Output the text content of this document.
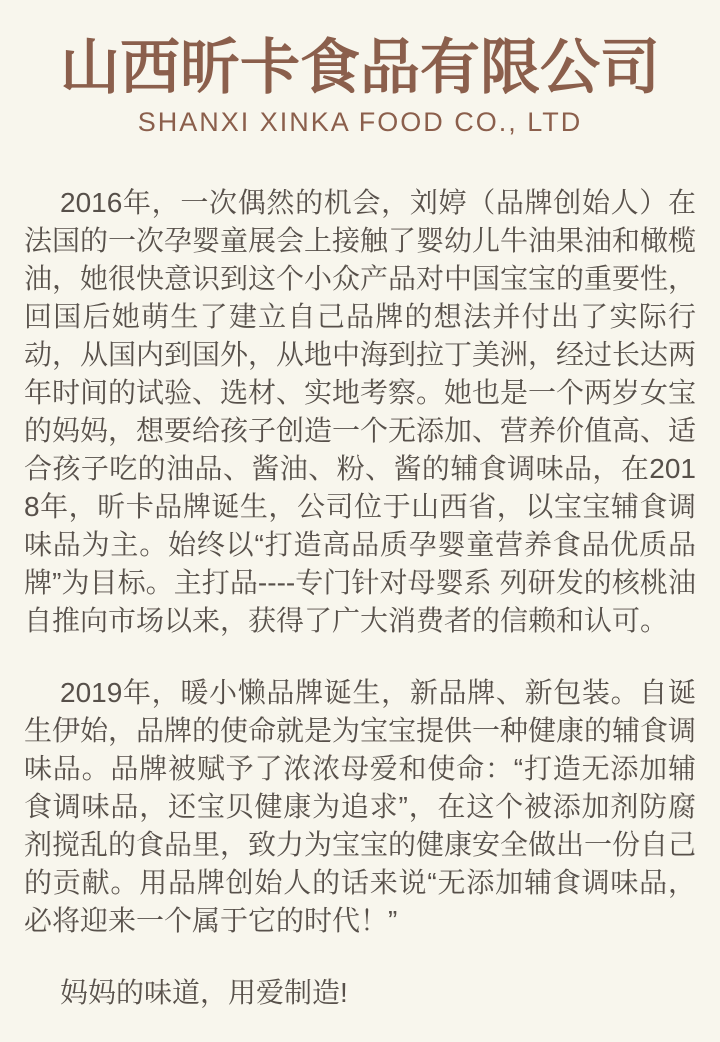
山西昕卡食品有限公司
SHANXI XINKA FOOD CO., LTD

2016年，一次偶然的机会，刘婷（品牌创始人）在法国的一次孕婴童展会上接触了婴幼儿牛油果油和橄榄油，她很快意识到这个小众产品对中国宝宝的重要性，回国后她萌生了建立自己品牌的想法并付出了实际行动，从国内到国外，从地中海到拉丁美洲，经过长达两年时间的试验、选材、实地考察。她也是一个两岁女宝的妈妈，想要给孩子创造一个无添加、营养价值高、适合孩子吃的油品、酱油、粉、酱的辅食调味品，在2018年，昕卡品牌诞生，公司位于山西省，以宝宝辅食调味品为主。始终以“打造高品质孕婴童营养食品优质品牌”为目标。主打品----专门针对母婴系 列研发的核桃油自推向市场以来，获得了广大消费者的信赖和认可。

2019年，暖小懒品牌诞生，新品牌、新包装。自诞生伊始，品牌的使命就是为宝宝提供一种健康的辅食调味品。品牌被赋予了浓浓母爱和使命：“打造无添加辅食调味品，还宝贝健康为追求”，在这个被添加剂防腐剂搅乱的食品里，致力为宝宝的健康安全做出一份自己的贡献。用品牌创始人的话来说“无添加辅食调味品，必将迎来一个属于它的时代！”

妈妈的味道，用爱制造!
